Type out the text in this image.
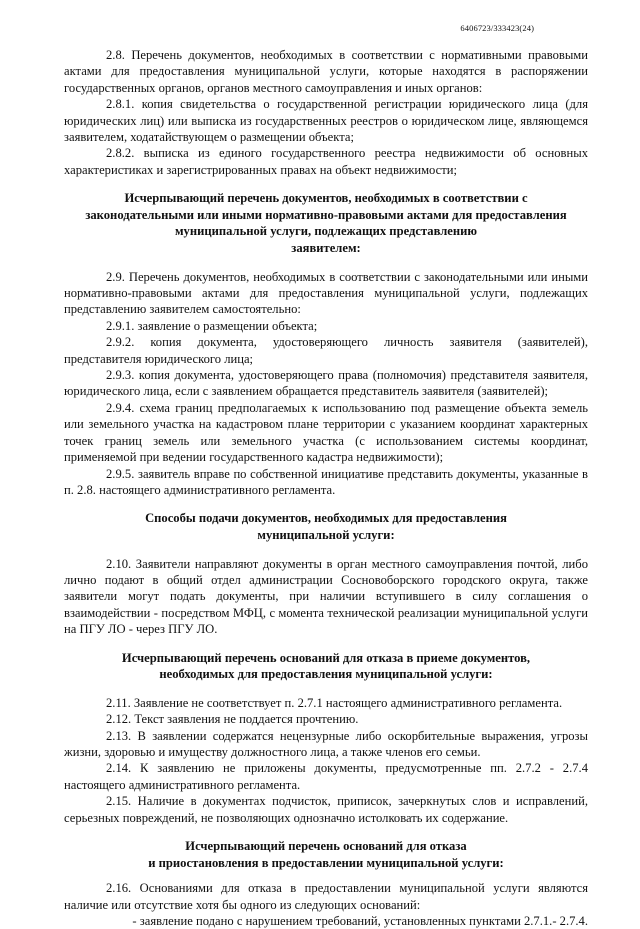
6406723/333423(24)

2.8. Перечень документов, необходимых в соответствии с нормативными правовыми актами для предоставления муниципальной услуги, которые находятся в распоряжении государственных органов, органов местного самоуправления и иных органов:

2.8.1. копия свидетельства о государственной регистрации юридического лица (для юридических лиц) или выписка из государственных реестров о юридическом лице, являющемся заявителем, ходатайствующем о размещении объекта;

2.8.2. выписка из единого государственного реестра недвижимости об основных характеристиках и зарегистрированных правах на объект недвижимости;

Исчерпывающий перечень документов, необходимых в соответствии с
законодательными или иными нормативно-правовыми актами для предоставления
муниципальной услуги, подлежащих представлению
заявителем:

2.9. Перечень документов, необходимых в соответствии с законодательными или иными нормативно-правовыми актами для предоставления муниципальной услуги, подлежащих представлению заявителем самостоятельно:

2.9.1. заявление о размещении объекта;

2.9.2. копия документа, удостоверяющего личность заявителя (заявителей), представителя юридического лица;

2.9.3. копия документа, удостоверяющего права (полномочия) представителя заявителя, юридического лица, если с заявлением обращается представитель заявителя (заявителей);

2.9.4. схема границ предполагаемых к использованию под размещение объекта земель или земельного участка на кадастровом плане территории с указанием координат характерных точек границ земель или земельного участка (с использованием системы координат, применяемой при ведении государственного кадастра недвижимости);

2.9.5. заявитель вправе по собственной инициативе представить документы, указанные в п. 2.8. настоящего административного регламента.

Способы подачи документов, необходимых для предоставления
муниципальной услуги:

2.10. Заявители направляют документы в орган местного самоуправления почтой, либо лично подают в общий отдел администрации Сосновоборского городского округа, также заявители могут подать документы, при наличии вступившего в силу соглашения о взаимодействии - посредством МФЦ, с момента технической реализации муниципальной услуги на ПГУ ЛО - через ПГУ ЛО.

Исчерпывающий перечень оснований для отказа в приеме документов,
необходимых для предоставления муниципальной услуги:

2.11. Заявление не соответствует п. 2.7.1 настоящего административного регламента.

2.12. Текст заявления не поддается прочтению.

2.13. В заявлении содержатся нецензурные либо оскорбительные выражения, угрозы жизни, здоровью и имуществу должностного лица, а также членов его семьи.

2.14. К заявлению не приложены документы, предусмотренные пп. 2.7.2 - 2.7.4 настоящего административного регламента.

2.15. Наличие в документах подчисток, приписок, зачеркнутых слов и исправлений, серьезных повреждений, не позволяющих однозначно истолковать их содержание.

Исчерпывающий перечень оснований для отказа
и приостановления в предоставлении муниципальной услуги:

2.16. Основаниями для отказа в предоставлении муниципальной услуги являются наличие или отсутствие хотя бы одного из следующих оснований:

- заявление подано с нарушением требований, установленных пунктами 2.7.1.- 2.7.4.
